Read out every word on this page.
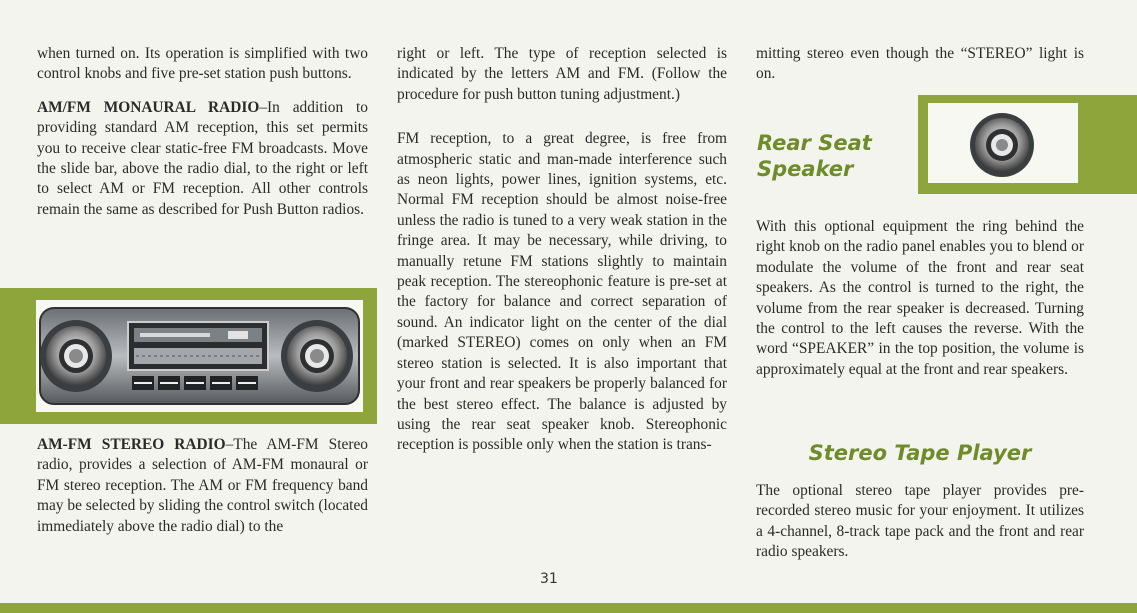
when turned on. Its operation is simplified with two control knobs and five pre-set station push buttons.

AM/FM MONAURAL RADIO–In addition to providing standard AM reception, this set permits you to receive clear static-free FM broadcasts. Move the slide bar, above the radio dial, to the right or left to select AM or FM reception. All other controls remain the same as described for Push Button radios.

AM-FM STEREO RADIO–The AM-FM Stereo radio, provides a selection of AM-FM monaural or FM stereo reception. The AM or FM frequency band may be selected by sliding the control switch (located immediately above the radio dial) to the

right or left. The type of reception selected is indicated by the letters AM and FM. (Follow the procedure for push button tuning adjustment.)

FM reception, to a great degree, is free from atmospheric static and man-made interference such as neon lights, power lines, ignition systems, etc. Normal FM reception should be almost noise-free unless the radio is tuned to a very weak station in the fringe area. It may be necessary, while driving, to manually retune FM stations slightly to maintain peak reception. The stereophonic feature is pre-set at the factory for balance and correct separation of sound. An indicator light on the center of the dial (marked STEREO) comes on only when an FM stereo station is selected. It is also important that your front and rear speakers be properly balanced for the best stereo effect. The balance is adjusted by using the rear seat speaker knob. Stereophonic reception is possible only when the station is trans-

mitting stereo even though the “STEREO” light is on.

Rear Seat
Speaker

With this optional equipment the ring behind the right knob on the radio panel enables you to blend or modulate the volume of the front and rear seat speakers. As the control is turned to the right, the volume from the rear speaker is decreased. Turning the control to the left causes the reverse. With the word “SPEAKER” in the top position, the volume is approximately equal at the front and rear speakers.

Stereo Tape Player

The optional stereo tape player provides pre-recorded stereo music for your enjoyment. It utilizes a 4-channel, 8-track tape pack and the front and rear radio speakers.

31
